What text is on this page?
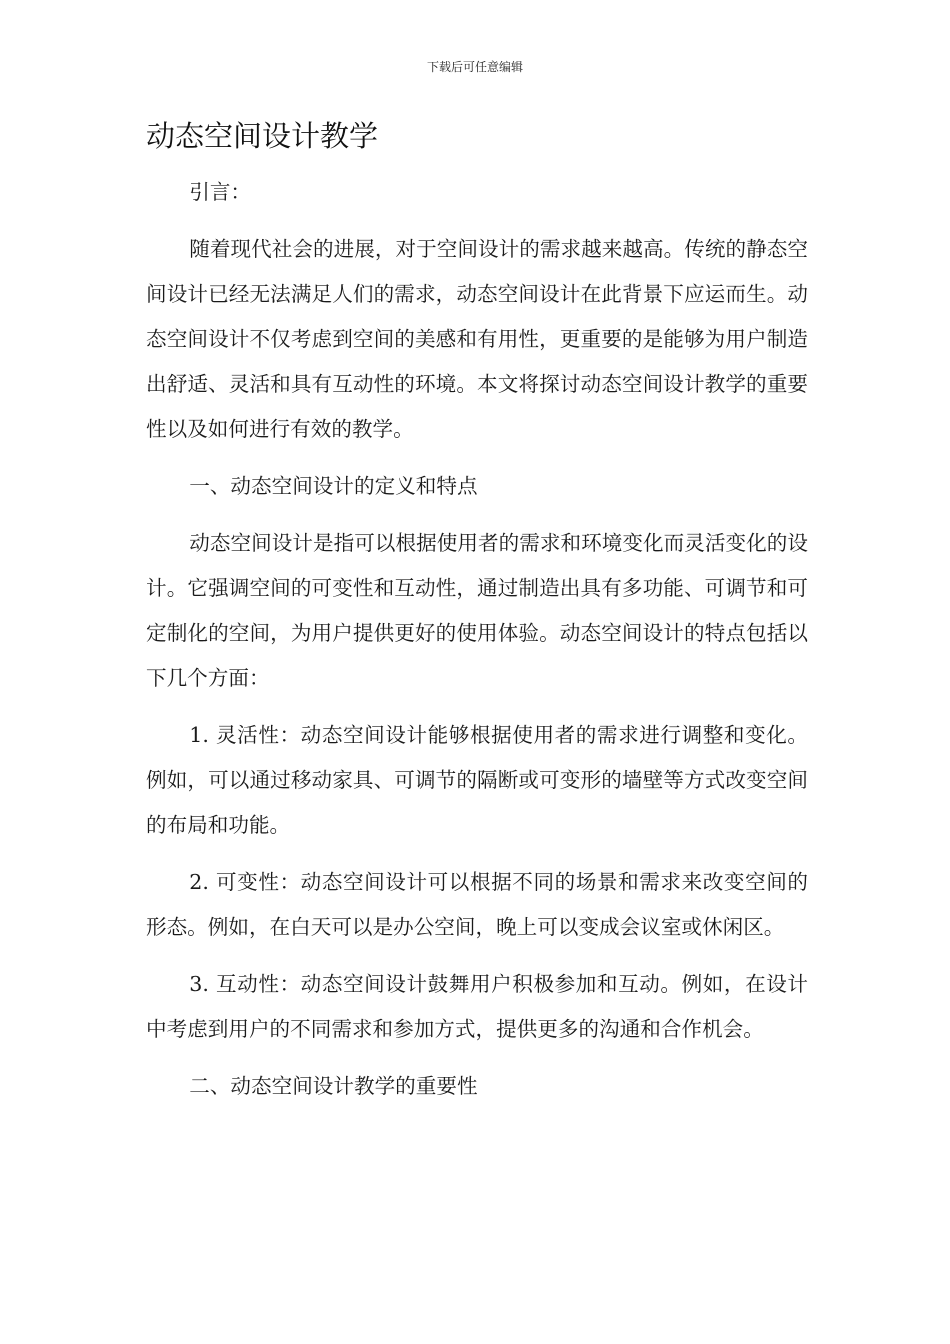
下载后可任意编辑
动态空间设计教学

引言：

随着现代社会的进展，对于空间设计的需求越来越高。传统的静态空间设计已经无法满足人们的需求，动态空间设计在此背景下应运而生。动态空间设计不仅考虑到空间的美感和有用性，更重要的是能够为用户制造出舒适、灵活和具有互动性的环境。本文将探讨动态空间设计教学的重要性以及如何进行有效的教学。

一、动态空间设计的定义和特点

动态空间设计是指可以根据使用者的需求和环境变化而灵活变化的设计。它强调空间的可变性和互动性，通过制造出具有多功能、可调节和可定制化的空间，为用户提供更好的使用体验。动态空间设计的特点包括以下几个方面：

1. 灵活性：动态空间设计能够根据使用者的需求进行调整和变化。例如，可以通过移动家具、可调节的隔断或可变形的墙壁等方式改变空间的布局和功能。

2. 可变性：动态空间设计可以根据不同的场景和需求来改变空间的形态。例如，在白天可以是办公空间，晚上可以变成会议室或休闲区。

3. 互动性：动态空间设计鼓舞用户积极参加和互动。例如，在设计中考虑到用户的不同需求和参加方式，提供更多的沟通和合作机会。

二、动态空间设计教学的重要性
